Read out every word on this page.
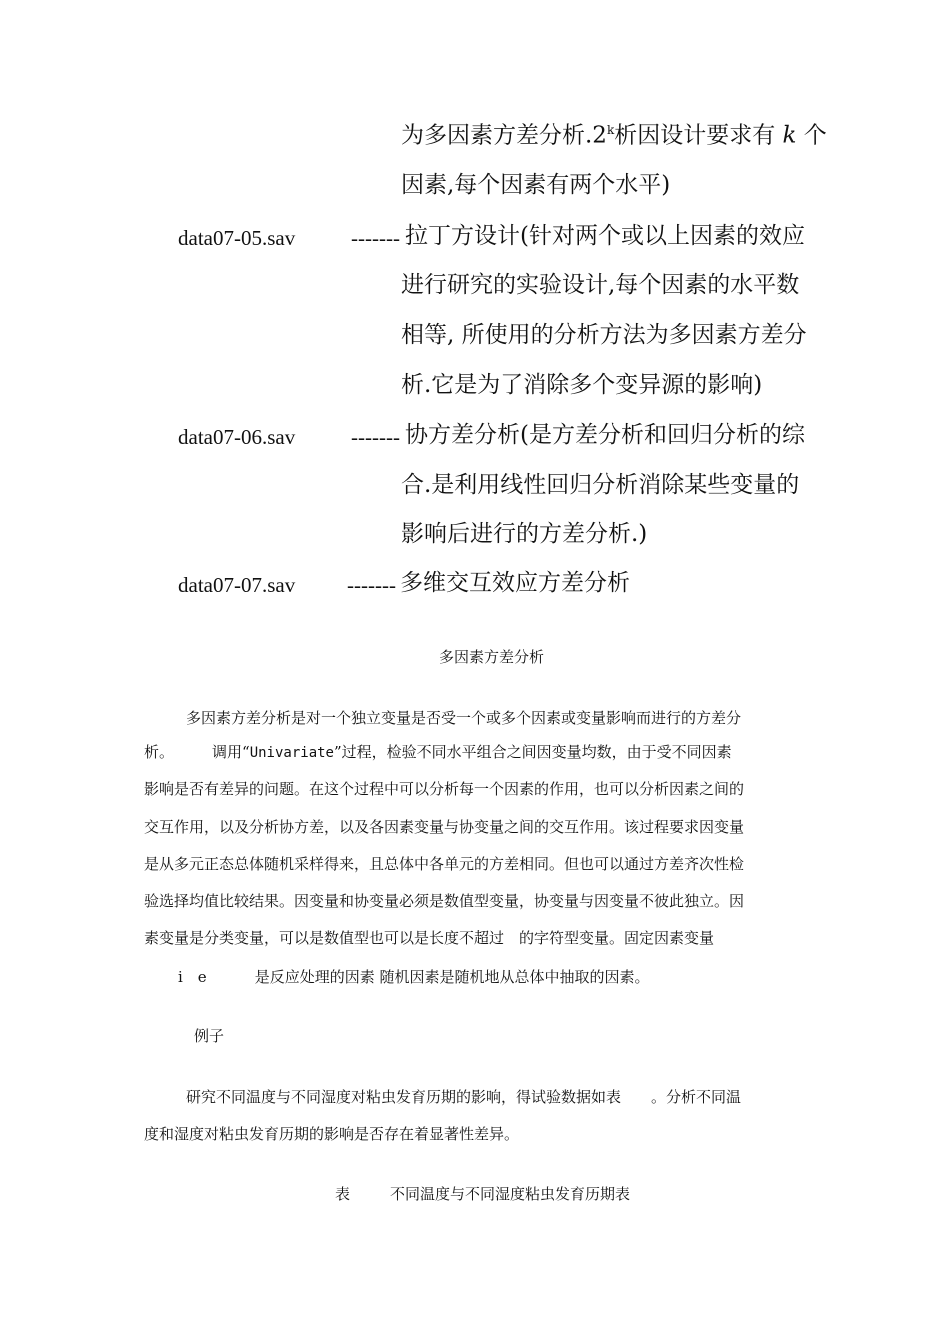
为多因素方差分析.2$^k$析因设计要求有 k 个
因素,每个因素有两个水平)
data07-05.sav	------- 拉丁方设计(针对两个或以上因素的效应
进行研究的实验设计,每个因素的水平数
相等, 所使用的分析方法为多因素方差分
析.它是为了消除多个变异源的影响)
data07-06.sav	------- 协方差分析(是方差分析和回归分析的综
合.是利用线性回归分析消除某些变量的
影响后进行的方差分析.)
data07-07.sav ------- 多维交互效应方差分析
多因素方差分析
多因素方差分析是对一个独立变量是否受一个或多个因素或变量影响而进行的方差分
析。	调用“Univariate”过程，检验不同水平组合之间因变量均数，由于受不同因素
影响是否有差异的问题。在这个过程中可以分析每一个因素的作用，也可以分析因素之间的
交互作用，以及分析协方差，以及各因素变量与协变量之间的交互作用。该过程要求因变量
是从多元正态总体随机采样得来，且总体中各单元的方差相同。但也可以通过方差齐次性检
验选择均值比较结果。因变量和协变量必须是数值型变量，协变量与因变量不彼此独立。因
素变量是分类变量，可以是数值型也可以是长度不超过　的字符型变量。固定因素变量
i　e	是反应处理的因素 随机因素是随机地从总体中抽取的因素。
例子
研究不同温度与不同湿度对粘虫发育历期的影响，得试验数据如表　　。分析不同温
度和湿度对粘虫发育历期的影响是否存在着显著性差异。
表	不同温度与不同湿度粘虫发育历期表
